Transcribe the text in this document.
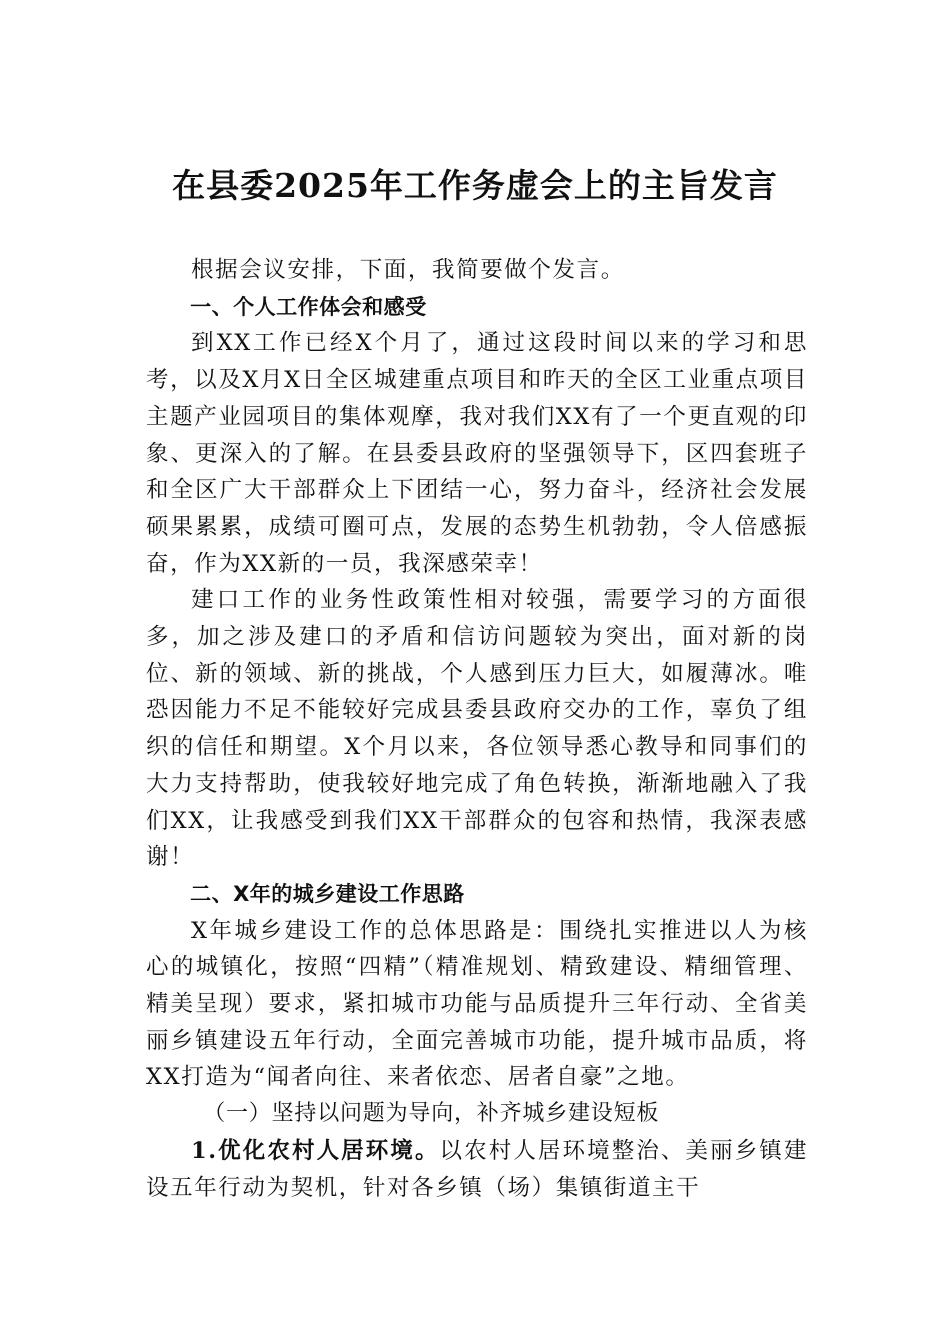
在县委2025年工作务虚会上的主旨发言

根据会议安排，下面，我简要做个发言。

一、个人工作体会和感受

到XX工作已经X个月了，通过这段时间以来的学习和思考，以及X月X日全区城建重点项目和昨天的全区工业重点项目主题产业园项目的集体观摩，我对我们XX有了一个更直观的印象、更深入的了解。在县委县政府的坚强领导下，区四套班子和全区广大干部群众上下团结一心，努力奋斗，经济社会发展硕果累累，成绩可圈可点，发展的态势生机勃勃，令人倍感振奋，作为XX新的一员，我深感荣幸！

建口工作的业务性政策性相对较强，需要学习的方面很多，加之涉及建口的矛盾和信访问题较为突出，面对新的岗位、新的领域、新的挑战，个人感到压力巨大，如履薄冰。唯恐因能力不足不能较好完成县委县政府交办的工作，辜负了组织的信任和期望。X个月以来，各位领导悉心教导和同事们的大力支持帮助，使我较好地完成了角色转换，渐渐地融入了我们XX，让我感受到我们XX干部群众的包容和热情，我深表感谢！

二、X年的城乡建设工作思路

X年城乡建设工作的总体思路是：围绕扎实推进以人为核心的城镇化，按照“四精”（精准规划、精致建设、精细管理、精美呈现）要求，紧扣城市功能与品质提升三年行动、全省美丽乡镇建设五年行动，全面完善城市功能，提升城市品质，将XX打造为“闻者向往、来者依恋、居者自豪”之地。

（一）坚持以问题为导向，补齐城乡建设短板

1.优化农村人居环境。以农村人居环境整治、美丽乡镇建设五年行动为契机，针对各乡镇（场）集镇街道主干
